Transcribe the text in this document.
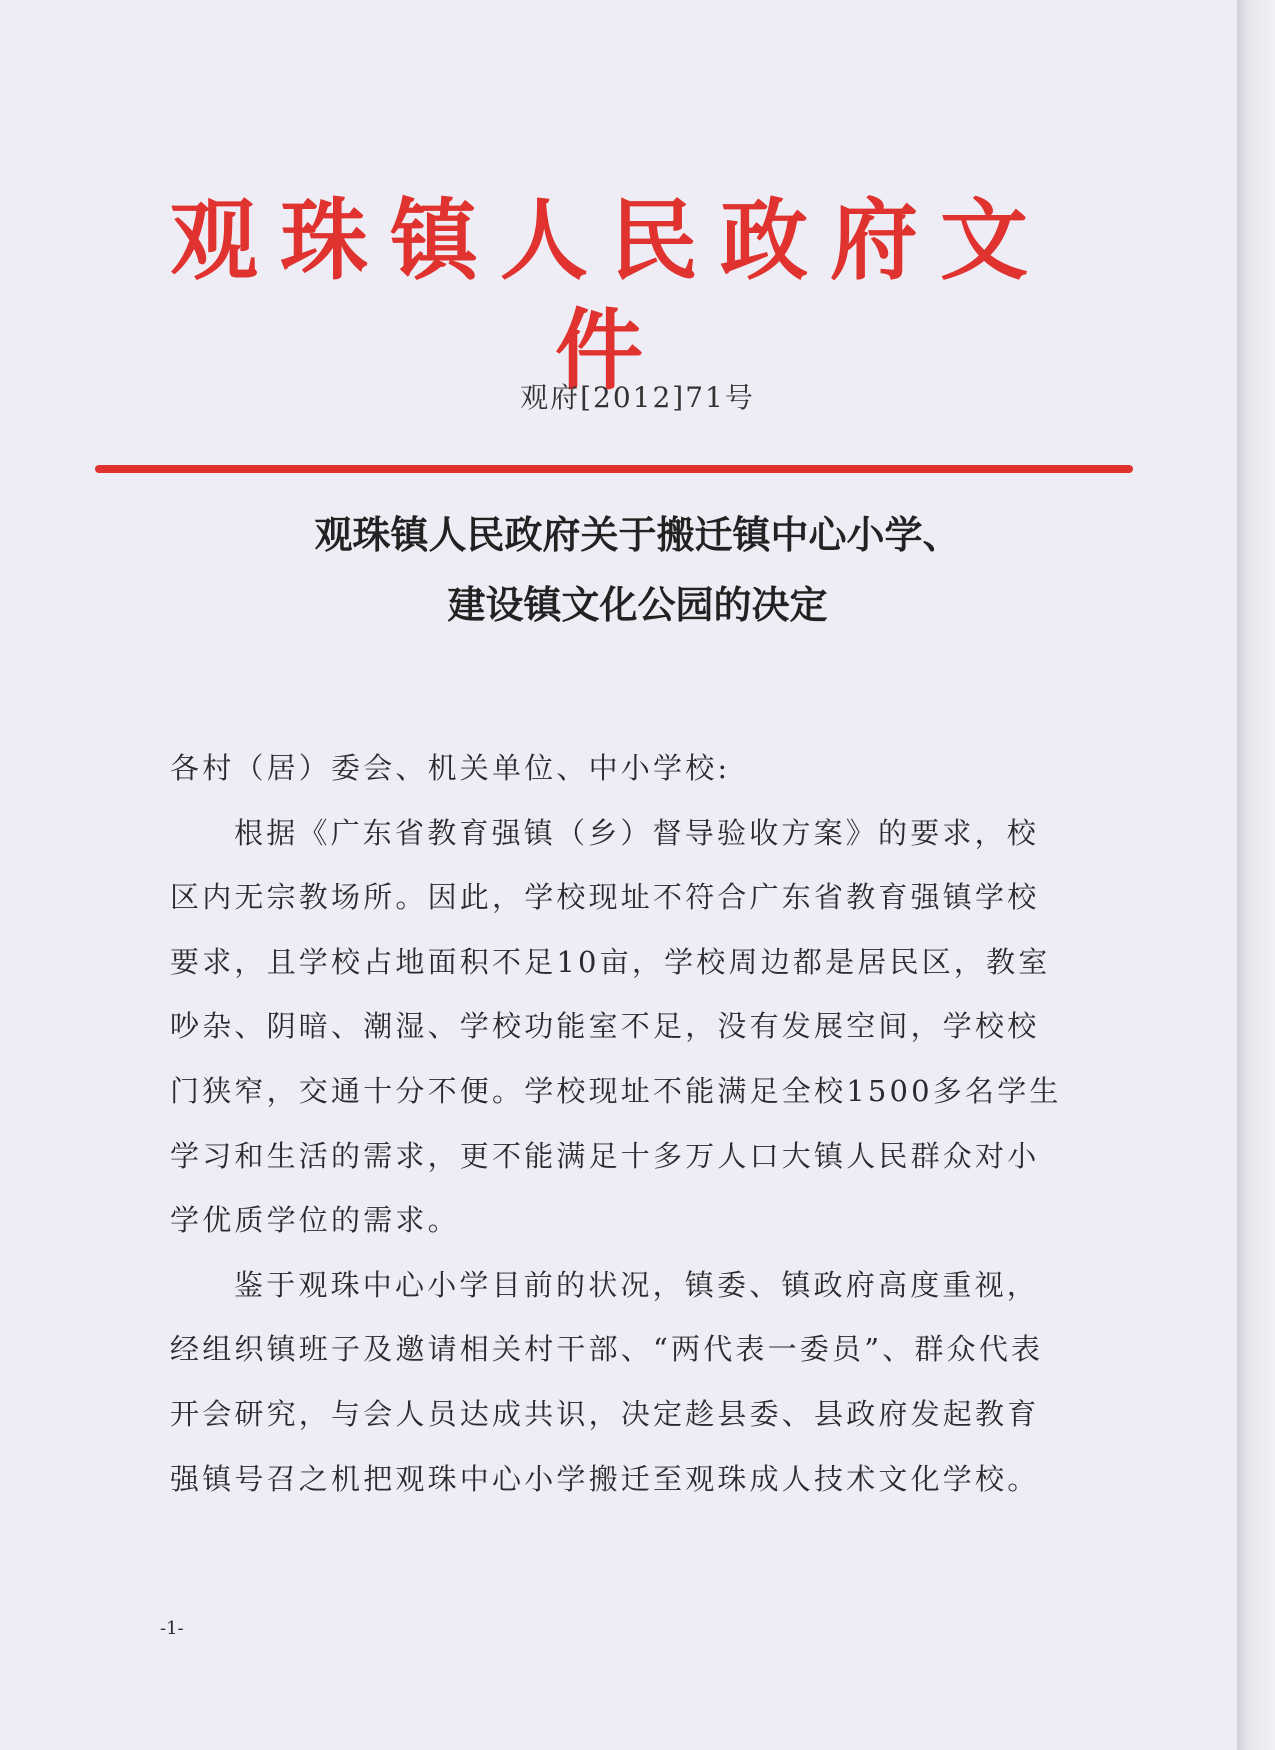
观珠镇人民政府文件
观府[2012]71号
观珠镇人民政府关于搬迁镇中心小学、
建设镇文化公园的决定
各村（居）委会、机关单位、中小学校:
根据《广东省教育强镇（乡）督导验收方案》的要求，校
区内无宗教场所。因此，学校现址不符合广东省教育强镇学校
要求，且学校占地面积不足10亩，学校周边都是居民区，教室
吵杂、阴暗、潮湿、学校功能室不足，没有发展空间，学校校
门狭窄，交通十分不便。学校现址不能满足全校1500多名学生
学习和生活的需求，更不能满足十多万人口大镇人民群众对小
学优质学位的需求。
鉴于观珠中心小学目前的状况，镇委、镇政府高度重视，
经组织镇班子及邀请相关村干部、“两代表一委员”、群众代表
开会研究，与会人员达成共识，决定趁县委、县政府发起教育
强镇号召之机把观珠中心小学搬迁至观珠成人技术文化学校。
-1-
